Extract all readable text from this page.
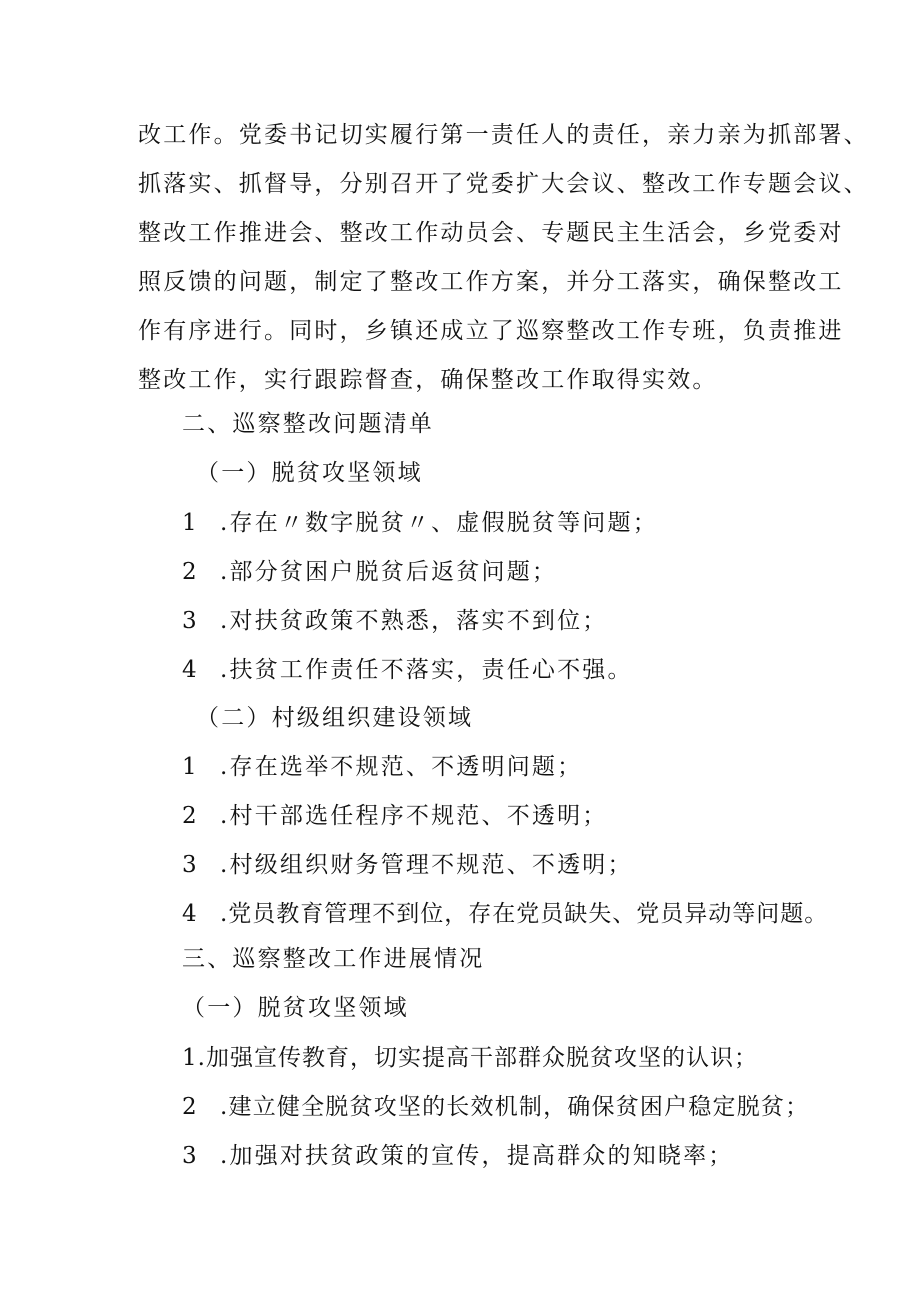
改工作。党委书记切实履行第一责任人的责任，亲力亲为抓部署、
抓落实、抓督导，分别召开了党委扩大会议、整改工作专题会议、
整改工作推进会、整改工作动员会、专题民主生活会，乡党委对
照反馈的问题，制定了整改工作方案，并分工落实，确保整改工
作有序进行。同时，乡镇还成立了巡察整改工作专班，负责推进
整改工作，实行跟踪督查，确保整改工作取得实效。
二、巡察整改问题清单
（一）脱贫攻坚领域
1 .存在〃数字脱贫〃、虚假脱贫等问题；
2 .部分贫困户脱贫后返贫问题；
3 .对扶贫政策不熟悉，落实不到位；
4 .扶贫工作责任不落实，责任心不强。
（二）村级组织建设领域
1 .存在选举不规范、不透明问题；
2 .村干部选任程序不规范、不透明；
3 .村级组织财务管理不规范、不透明；
4 .党员教育管理不到位，存在党员缺失、党员异动等问题。
三、巡察整改工作进展情况
（一）脱贫攻坚领域
1.加强宣传教育，切实提高干部群众脱贫攻坚的认识；
2 .建立健全脱贫攻坚的长效机制，确保贫困户稳定脱贫；
3 .加强对扶贫政策的宣传，提高群众的知晓率；
